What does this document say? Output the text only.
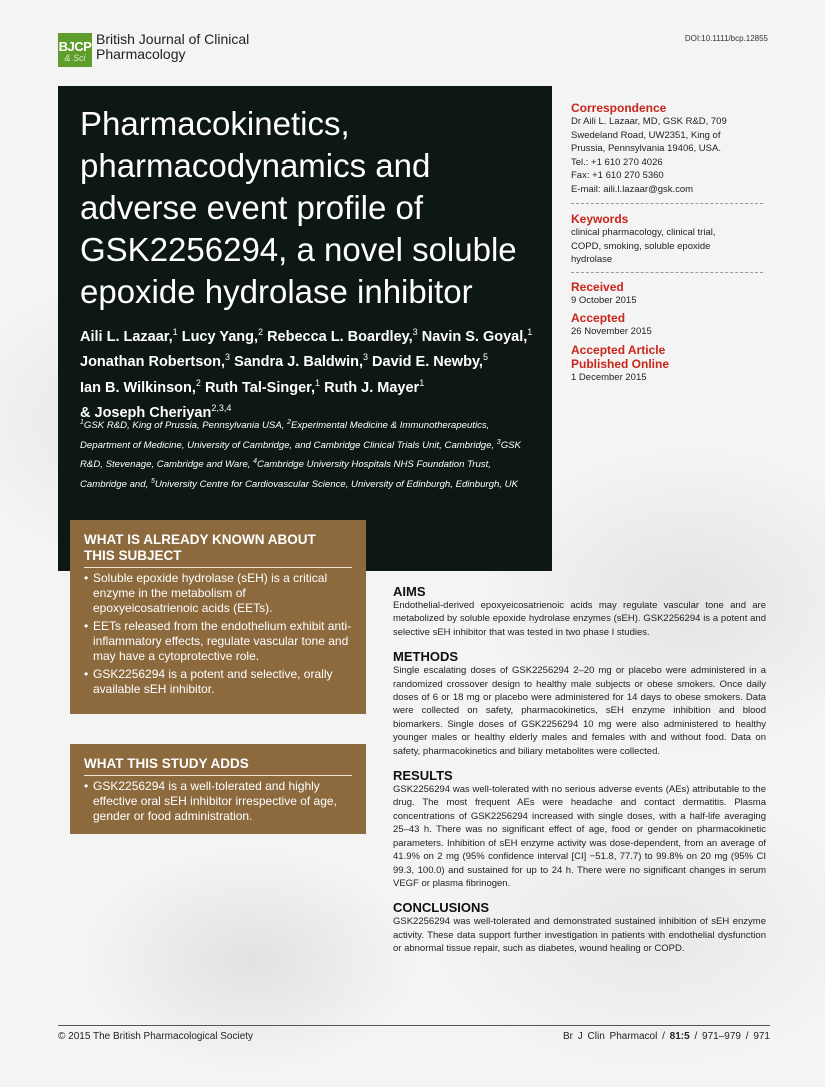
BJCP
& Sci
British Journal of Clinical Pharmacology
DOI:10.1111/bcp.12855
Pharmacokinetics, pharmacodynamics and adverse event profile of GSK2256294, a novel soluble epoxide hydrolase inhibitor
Aili L. Lazaar,$^1$ Lucy Yang,$^2$ Rebecca L. Boardley,$^3$ Navin S. Goyal,$^1$
Jonathan Robertson,$^3$ Sandra J. Baldwin,$^3$ David E. Newby,$^5$
Ian B. Wilkinson,$^2$ Ruth Tal-Singer,$^1$ Ruth J. Mayer$^1$
& Joseph Cheriyan$^{2,3,4}$
$^1$GSK R&D, King of Prussia, Pennsylvania USA, $^2$Experimental Medicine & Immunotherapeutics, Department of Medicine, University of Cambridge, and Cambridge Clinical Trials Unit, Cambridge, $^3$GSK R&D, Stevenage, Cambridge and Ware, $^4$Cambridge University Hospitals NHS Foundation Trust, Cambridge and, $^5$University Centre for Cardiovascular Science, University of Edinburgh, Edinburgh, UK
Correspondence
Dr Aili L. Lazaar, MD, GSK R&D, 709
Swedeland Road, UW2351, King of
Prussia, Pennsylvania 19406, USA.
Tel.: +1 610 270 4026
Fax: +1 610 270 5360
E-mail: aili.l.lazaar@gsk.com
Keywords
clinical pharmacology, clinical trial,
COPD, smoking, soluble epoxide
hydrolase
Received
9 October 2015
Accepted
26 November 2015
Accepted Article
Published Online
1 December 2015
WHAT IS ALREADY KNOWN ABOUT
THIS SUBJECT
• Soluble epoxide hydrolase (sEH) is a critical enzyme in the metabolism of epoxyeicosatrienoic acids (EETs).
• EETs released from the endothelium exhibit anti-inflammatory effects, regulate vascular tone and may have a cytoprotective role.
• GSK2256294 is a potent and selective, orally available sEH inhibitor.
WHAT THIS STUDY ADDS
• GSK2256294 is a well-tolerated and highly effective oral sEH inhibitor irrespective of age, gender or food administration.
AIMS
Endothelial-derived epoxyeicosatrienoic acids may regulate vascular tone and are metabolized by soluble epoxide hydrolase enzymes (sEH). GSK2256294 is a potent and selective sEH inhibitor that was tested in two phase I studies.
METHODS
Single escalating doses of GSK2256294 2–20 mg or placebo were administered in a randomized crossover design to healthy male subjects or obese smokers. Once daily doses of 6 or 18 mg or placebo were administered for 14 days to obese smokers. Data were collected on safety, pharmacokinetics, sEH enzyme inhibition and blood biomarkers. Single doses of GSK2256294 10 mg were also administered to healthy younger males or healthy elderly males and females with and without food. Data on safety, pharmacokinetics and biliary metabolites were collected.
RESULTS
GSK2256294 was well-tolerated with no serious adverse events (AEs) attributable to the drug. The most frequent AEs were headache and contact dermatitis. Plasma concentrations of GSK2256294 increased with single doses, with a half-life averaging 25–43 h. There was no significant effect of age, food or gender on pharmacokinetic parameters. Inhibition of sEH enzyme activity was dose-dependent, from an average of 41.9% on 2 mg (95% confidence interval [CI] −51.8, 77.7) to 99.8% on 20 mg (95% CI 99.3, 100.0) and sustained for up to 24 h. There were no significant changes in serum VEGF or plasma fibrinogen.
CONCLUSIONS
GSK2256294 was well-tolerated and demonstrated sustained inhibition of sEH enzyme activity. These data support further investigation in patients with endothelial dysfunction or abnormal tissue repair, such as diabetes, wound healing or COPD.
© 2015 The British Pharmacological Society	Br J Clin Pharmacol / 81:5 / 971–979 / 971
